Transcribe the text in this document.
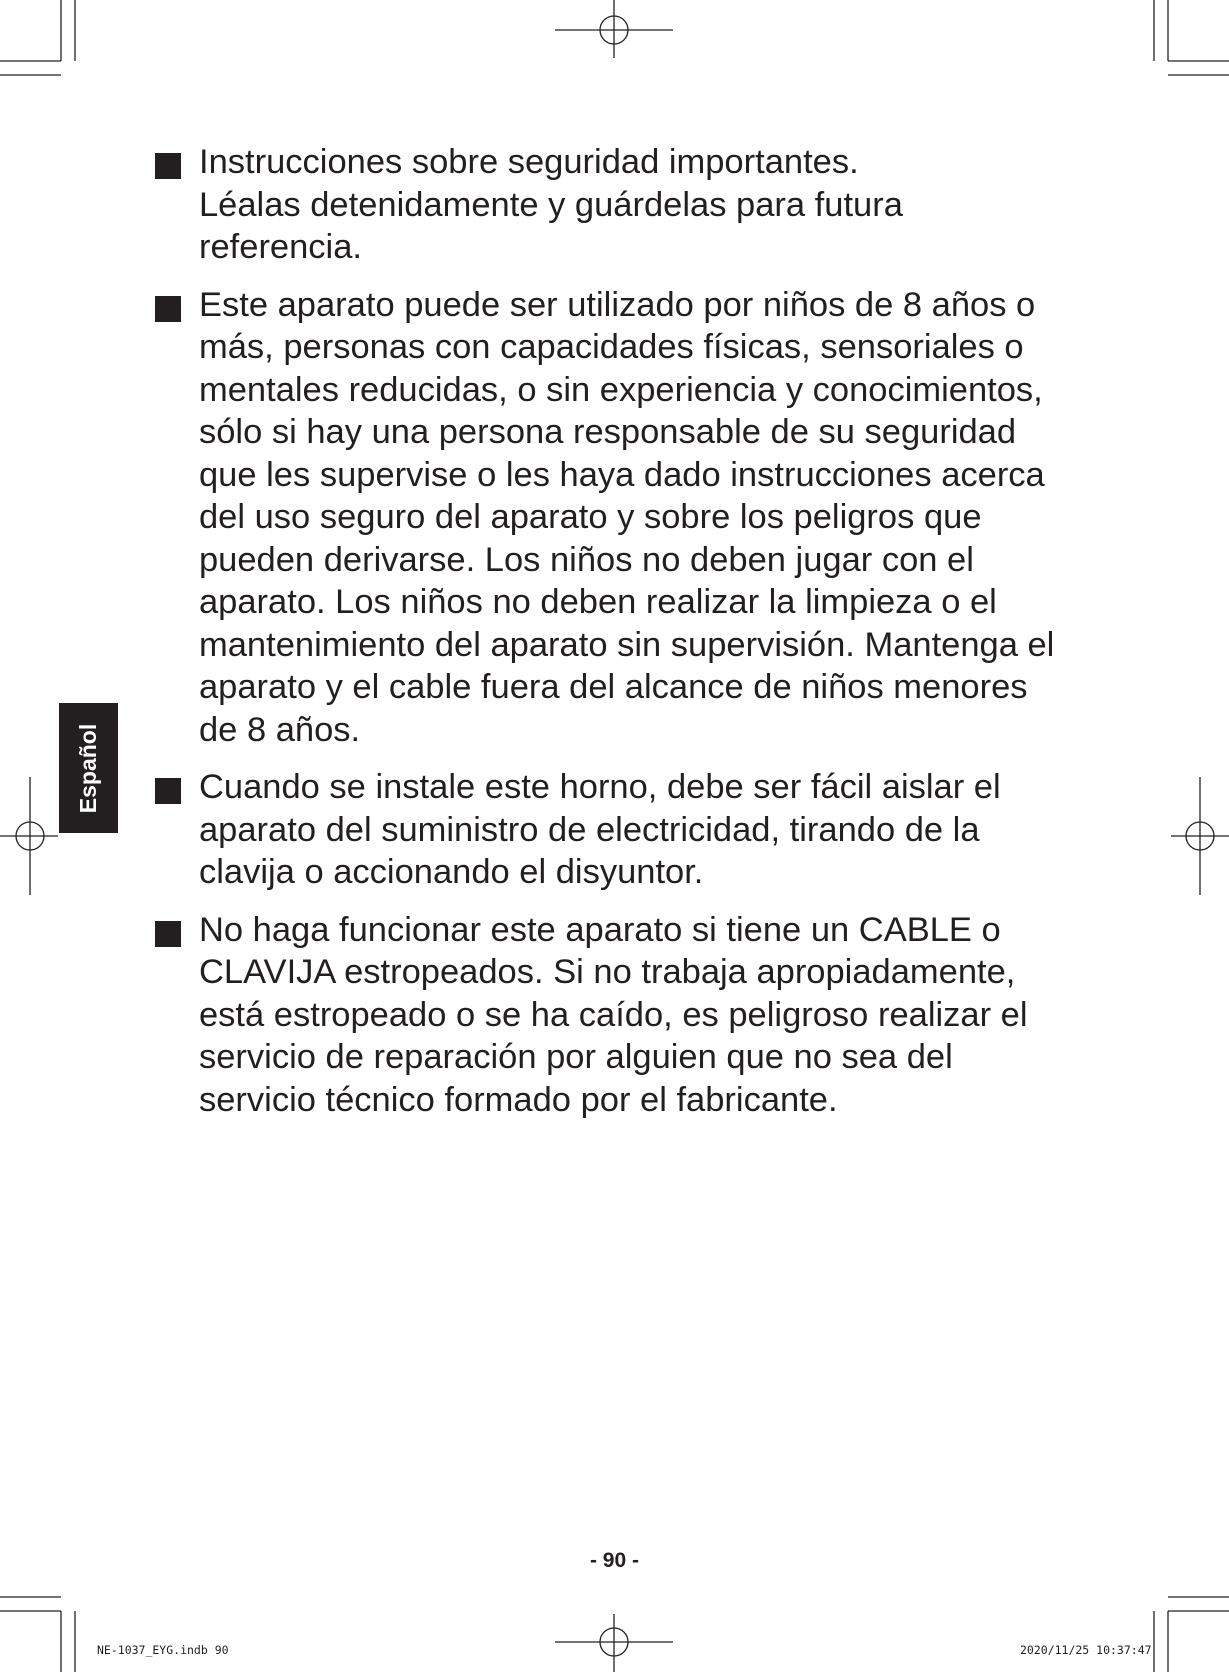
Español
Instrucciones sobre seguridad importantes.
Léalas detenidamente y guárdelas para futura
referencia.
Este aparato puede ser utilizado por niños de 8 años o
más, personas con capacidades físicas, sensoriales o
mentales reducidas, o sin experiencia y conocimientos,
sólo si hay una persona responsable de su seguridad
que les supervise o les haya dado instrucciones acerca
del uso seguro del aparato y sobre los peligros que
pueden derivarse. Los niños no deben jugar con el
aparato. Los niños no deben realizar la limpieza o el
mantenimiento del aparato sin supervisión. Mantenga el
aparato y el cable fuera del alcance de niños menores
de 8 años.
Cuando se instale este horno, debe ser fácil aislar el
aparato del suministro de electricidad, tirando de la
clavija o accionando el disyuntor.
No haga funcionar este aparato si tiene un CABLE o
CLAVIJA estropeados. Si no trabaja apropiadamente,
está estropeado o se ha caído, es peligroso realizar el
servicio de reparación por alguien que no sea del
servicio técnico formado por el fabricante.
- 90 -
NE-1037_EYG.indb 90	2020/11/25 10:37:47
